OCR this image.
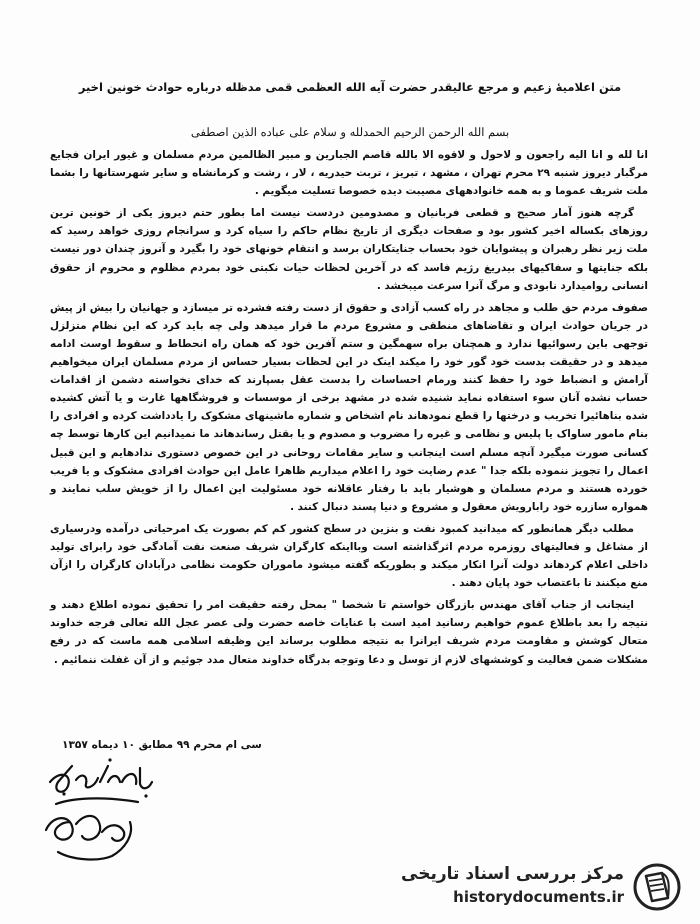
متن اعلامیهٔ زعیم و مرجع عالیقدر حضرت آیه الله العظمی قمی مدظله درباره حوادث خونین اخیر
بسم الله الرحمن الرحیم الحمدلله و سلام علی عباده الذین اصطفی

انا لله و انا الیه راجعون و لاحول و لاقوه الا بالله قاصم الجبارین و مبیر الظالمین مردم مسلمان و غیور ایران فجایع مرگبار دیروز شنبه ۲۹ محرم تهران ، مشهد ، تبریز ، تربت حیدریه ، لار ، رشت و کرمانشاه و سایر شهرستانها را بشما ملت شریف عموما و به همه خانوادههای مصیبت دیده خصوصا تسلیت میگویم .

گرچه هنوز آمار صحیح و قطعی فربانیان و مصدومین دردست نیست اما بطور حتم دیروز یکی از خونین ترین روزهای بکساله اخیر کشور بود و صفحات دیگری از تاریخ نظام حاکم را سیاه کرد و سرانجام روزی خواهد رسید که ملت زیر نظر رهبران و پیشوایان خود بحساب جنایتکاران برسد و انتقام خونهای خود را بگیرد و آنروز چندان دور نیست بلکه جنایتها و سفاکیهای بیدریغ رژیم فاسد که در آخرین لحظات حیات نکبتی خود بمردم مظلوم و محروم از حقوق انسانی روامیدارد نابودی و مرگ آنرا سرعت میبخشد .

صفوف مردم حق طلب و مجاهد در راه کسب آزادی و حقوق از دست رفته فشرده تر میسازد و جهانیان را بیش از پیش در جریان حوادث ایران و تقاضاهای منطقی و مشروع مردم ما قرار میدهد ولی چه باید کرد که این نظام متزلزل توجهی باین رسوائیها ندارد و همچنان براه سهمگین و ستم آفرین خود که همان راه انحطاط و سقوط اوست ادامه میدهد و در حقیقت بدست خود گور خود را میکند اینک در این لحظات بسیار حساس از مردم مسلمان ایران میخواهیم آرامش و انضباط خود را حفظ کنند ورمام احساسات را بدست عقل بسپارند که خدای نخواسته دشمن از اقدامات حساب نشده آنان سوء استفاده نماید شنیده شده در مشهد برخی از موسسات و فروشگاهها غارت و یا آتش کشیده شده بناهائیرا تخریب و درختها را قطع نمودهاند نام اشخاص و شماره ماشینهای مشکوک را یادداشت کرده و افرادی را بنام مامور ساواک یا پلیس و نظامی و غیره را مضروب و مصدوم و یا بقتل رساندهاند ما نمیدانیم این کارها توسط چه کسانی صورت میگیرد آنچه مسلم است اینجانب و سایر مقامات روحانی در این خصوص دستوری ندادهایم و این قبیل اعمال را تجویز ننموده بلکه جدا " عدم رضایت خود را اعلام میداریم ظاهرا عامل این حوادث افرادی مشکوک و یا فریب خورده هستند و مردم مسلمان و هوشیار باید با رفتار عاقلانه خود مسئولیت این اعمال را از خویش سلب نمایند و همواره سازره خود رابارویش معقول و مشروع و دنیا پسند دنبال کنند .

مطلب دیگر همانطور که میدانید کمبود نفت و بنزین در سطح کشور کم کم بصورت یک امرحیاتی درآمده ودرسیاری از مشاغل و فعالیتهای روزمره مردم اثرگذاشته است وبااینکه کارگران شریف صنعت نفت آمادگی خود رابرای تولید داخلی اعلام کردهاند دولت آنرا انکار میکند و بطوریکه گفته میشود ماموران حکومت نظامی درآبادان کارگران را ازآن منع میکنند تا باعتصاب خود پایان دهند .

اینجانب از جناب آقای مهندس بازرگان خواستم تا شخصا " بمحل رفته حقیقت امر را تحقیق نموده اطلاع دهند و نتیجه را بعد باطلاع عموم خواهیم رسانید امید است با عنایات خاصه حضرت ولی عصر عجل الله تعالی فرجه خداوند متعال کوشش و مقاومت مردم شریف ایرانرا به نتیجه مطلوب برساند این وظیفه اسلامی همه ماست که در رفع مشکلات ضمن فعالیت و کوششهای لازم از توسل و دعا وتوجه بدرگاه خداوند متعال مدد جوئیم و از آن غفلت ننمائیم .

سی ام محرم ۹۹ مطابق ۱۰ دیماه ۱۳۵۷
مرکز بررسی اسناد تاریخی
historydocuments.ir
